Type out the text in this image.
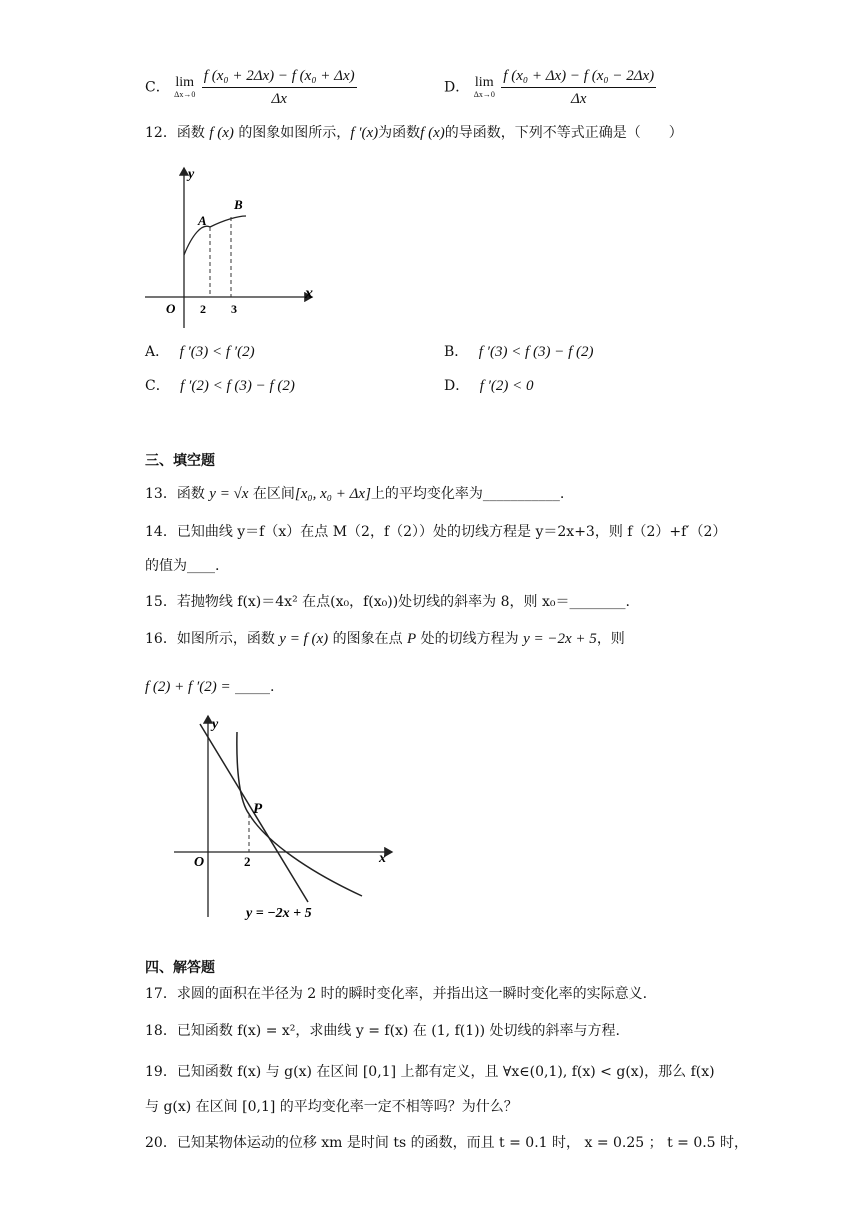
C． lim
Δx→0
$\frac{\text{f (x₀ + 2Δx) − f (x₀ + Δx)}}{\Delta x}$	D． lim
Δx→0
$\frac{\text{f (x₀ + Δx) − f (x₀ − 2Δx)}}{\Delta x}$
12．函数 f (x) 的图象如图所示，f ′(x)为函数f (x)的导函数，下列不等式正确是（　　）
y
x
O
A
B
2 3
A． f ′(3) < f ′(2)	B． f ′(3) < f (3) − f (2)
C． f ′(2) < f (3) − f (2)	D． f ′(2) < 0
三、填空题
13．函数 y = √x 在区间[x₀, x₀ + Δx]上的平均变化率为___________.
14．已知曲线 y＝f（x）在点 M（2，f（2））处的切线方程是 y＝2x+3，则 f（2）+f′（2）
的值为____.
15．若抛物线 f(x)＝4x² 在点(x₀，f(x₀))处切线的斜率为 8，则 x₀＝________.
16．如图所示，函数 y = f (x) 的图象在点 P 处的切线方程为 y = −2x + 5，则
f (2) + f ′(2) = _____.
y
x
O
P
2
y = −2x + 5
四、解答题
17．求圆的面积在半径为 2 时的瞬时变化率，并指出这一瞬时变化率的实际意义.
18．已知函数 f(x) = x²，求曲线 y = f(x) 在 (1, f(1)) 处切线的斜率与方程.
19．已知函数 f(x) 与 g(x) 在区间 [0,1] 上都有定义，且 ∀x∈(0,1), f(x) < g(x)，那么 f(x)
与 g(x) 在区间 [0,1] 的平均变化率一定不相等吗？为什么？
20．已知某物体运动的位移 xm 是时间 ts 的函数，而且 t = 0.1 时， x = 0.25 ； t = 0.5 时，
